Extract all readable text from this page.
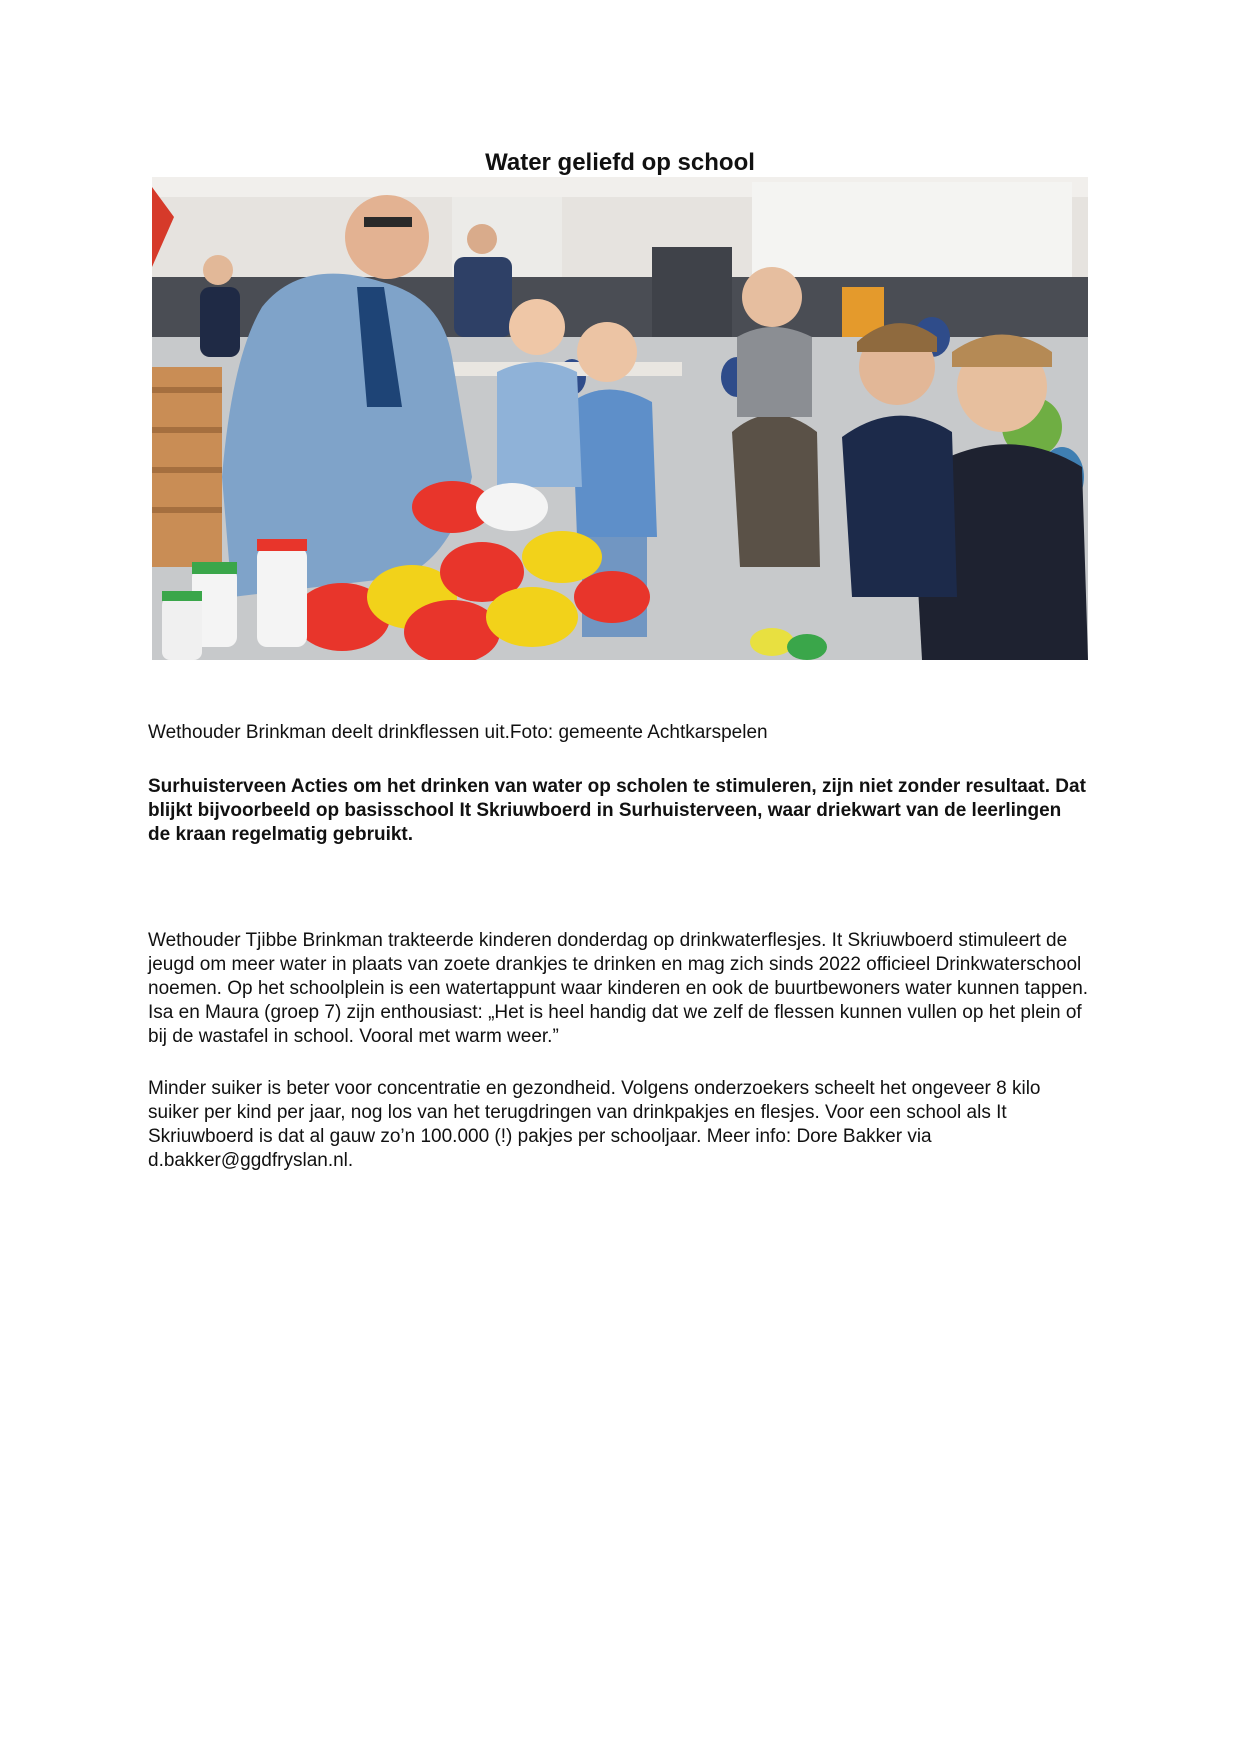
Water geliefd op school

Wethouder Brinkman deelt drinkflessen uit.Foto: gemeente Achtkarspelen

Surhuisterveen Acties om het drinken van water op scholen te stimuleren, zijn niet zonder resultaat. Dat blijkt bijvoorbeeld op basisschool It Skriuwboerd in Surhuisterveen, waar driekwart van de leerlingen de kraan regelmatig gebruikt.

Wethouder Tjibbe Brinkman trakteerde kinderen donderdag op drinkwaterflesjes. It Skriuwboerd stimuleert de jeugd om meer water in plaats van zoete drankjes te drinken en mag zich sinds 2022 officieel Drinkwaterschool noemen. Op het schoolplein is een watertappunt waar kinderen en ook de buurtbewoners water kunnen tappen. Isa en Maura (groep 7) zijn enthousiast: „Het is heel handig dat we zelf de flessen kunnen vullen op het plein of bij de wastafel in school. Vooral met warm weer.”

Minder suiker is beter voor concentratie en gezondheid. Volgens onderzoekers scheelt het ongeveer 8 kilo suiker per kind per jaar, nog los van het terugdringen van drinkpakjes en flesjes. Voor een school als It Skriuwboerd is dat al gauw zo’n 100.000 (!) pakjes per schooljaar. Meer info: Dore Bakker via d.bakker@ggdfryslan.nl.
